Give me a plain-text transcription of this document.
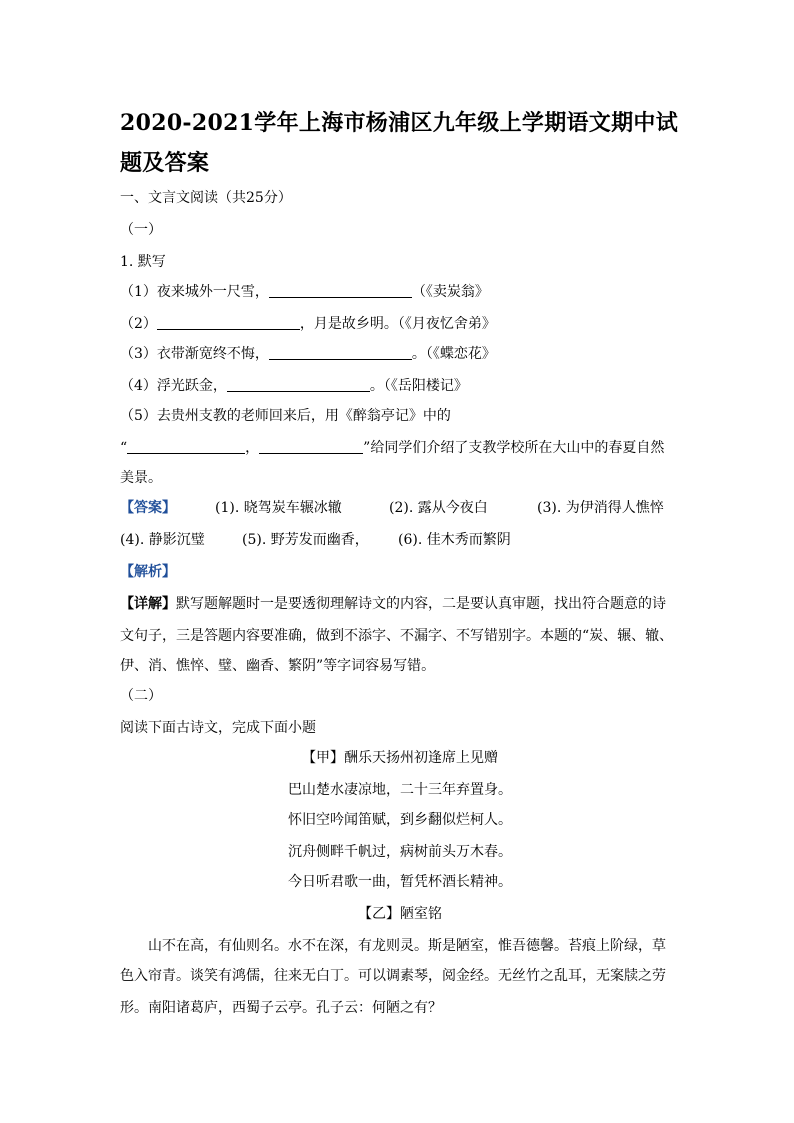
2020-2021学年上海市杨浦区九年级上学期语文期中试题及答案
一、文言文阅读（共25分）
（一）
1. 默写
（1）夜来城外一尺雪，	（《卖炭翁》
（2）	，月是故乡明。（《月夜忆舍弟》
（3）衣带渐宽终不悔，	。（《蝶恋花》
（4）浮光跃金，	。（《岳阳楼记》
（5）去贵州支教的老师回来后，用《醉翁亭记》中的
“	，	”给同学们介绍了支教学校所在大山中的春夏自然
美景。
【答案】	(1). 晓驾炭车辗冰辙	(2). 露从今夜白	(3). 为伊消得人憔悴
(4). 静影沉璧	(5). 野芳发而幽香， (6). 佳木秀而繁阴
【解析】
【详解】默写题解题时一是要透彻理解诗文的内容，二是要认真审题，找出符合题意的诗
文句子，三是答题内容要准确，做到不添字、不漏字、不写错别字。本题的“炭、辗、辙、
伊、消、憔悴、璧、幽香、繁阴”等字词容易写错。
（二）
阅读下面古诗文，完成下面小题
【甲】酬乐天扬州初逢席上见赠
巴山楚水凄凉地，二十三年弃置身。
怀旧空吟闻笛赋，到乡翻似烂柯人。
沉舟侧畔千帆过，病树前头万木春。
今日听君歌一曲，暂凭杯酒长精神。
【乙】陋室铭
山不在高，有仙则名。水不在深，有龙则灵。斯是陋室，惟吾德馨。苔痕上阶绿，草
色入帘青。谈笑有鸿儒，往来无白丁。可以调素琴，阅金经。无丝竹之乱耳，无案牍之劳
形。南阳诸葛庐，西蜀子云亭。孔子云：何陋之有？
